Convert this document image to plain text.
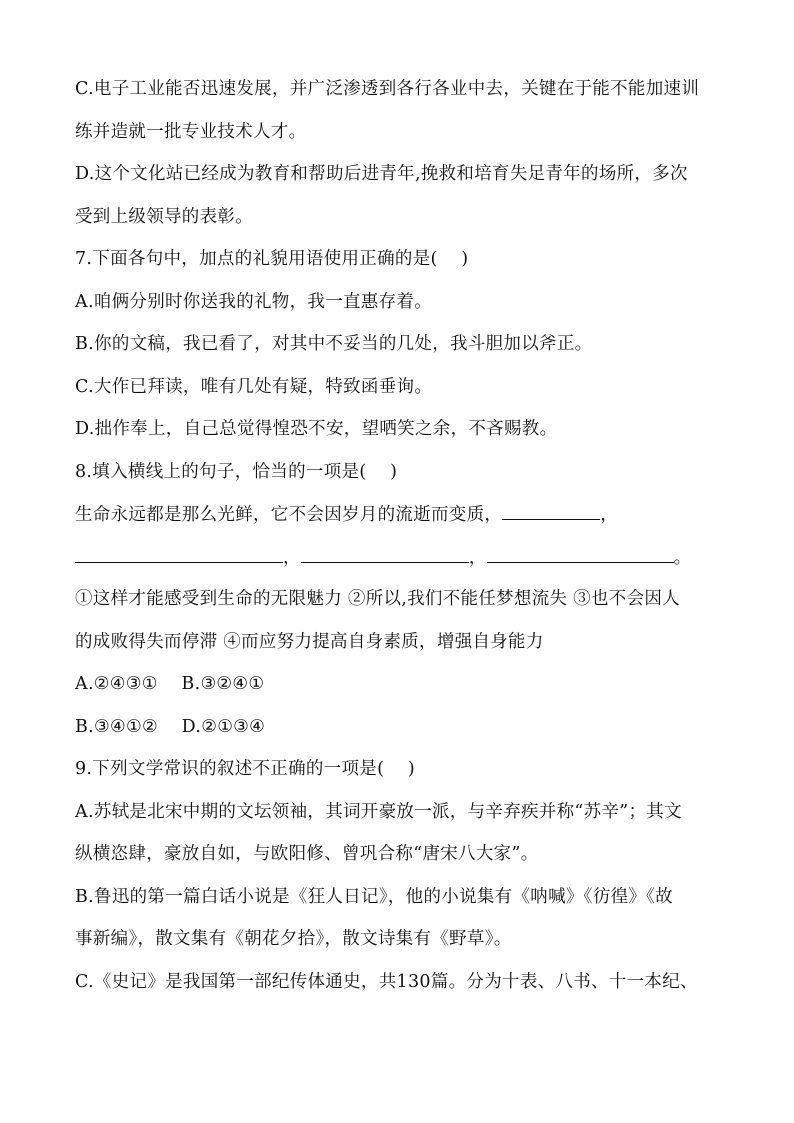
C.电子工业能否迅速发展，并广泛渗透到各行各业中去，关键在于能不能加速训
练并造就一批专业技术人才。
D.这个文化站已经成为教育和帮助后进青年,挽救和培育失足青年的场所，多次
受到上级领导的表彰。
7.下面各句中，加点的礼貌用语使用正确的是(　 )
A.咱俩分别时你送我的礼物，我一直惠存着。
B.你的文稿，我已看了，对其中不妥当的几处，我斗胆加以斧正。
C.大作已拜读，唯有几处有疑，特致函垂询。
D.拙作奉上，自己总觉得惶恐不安，望哂笑之余，不吝赐教。
8.填入横线上的句子，恰当的一项是(　 )
生命永远都是那么光鲜，它不会因岁月的流逝而变质，	，
，	，	。
①这样才能感受到生命的无限魅力 ②所以,我们不能任梦想流失 ③也不会因人
的成败得失而停滞 ④而应努力提高自身素质，增强自身能力
A.②④③①　 B.③②④①
B.③④①②　 D.②①③④
9.下列文学常识的叙述不正确的一项是(　 )
A.苏轼是北宋中期的文坛领袖，其词开豪放一派，与辛弃疾并称“苏辛”；其文
纵横恣肆，豪放自如，与欧阳修、曾巩合称“唐宋八大家”。
B.鲁迅的第一篇白话小说是《狂人日记》，他的小说集有《呐喊》《彷徨》《故
事新编》，散文集有《朝花夕拾》，散文诗集有《野草》。
C.《史记》是我国第一部纪传体通史，共130篇。分为十表、八书、十一本纪、
